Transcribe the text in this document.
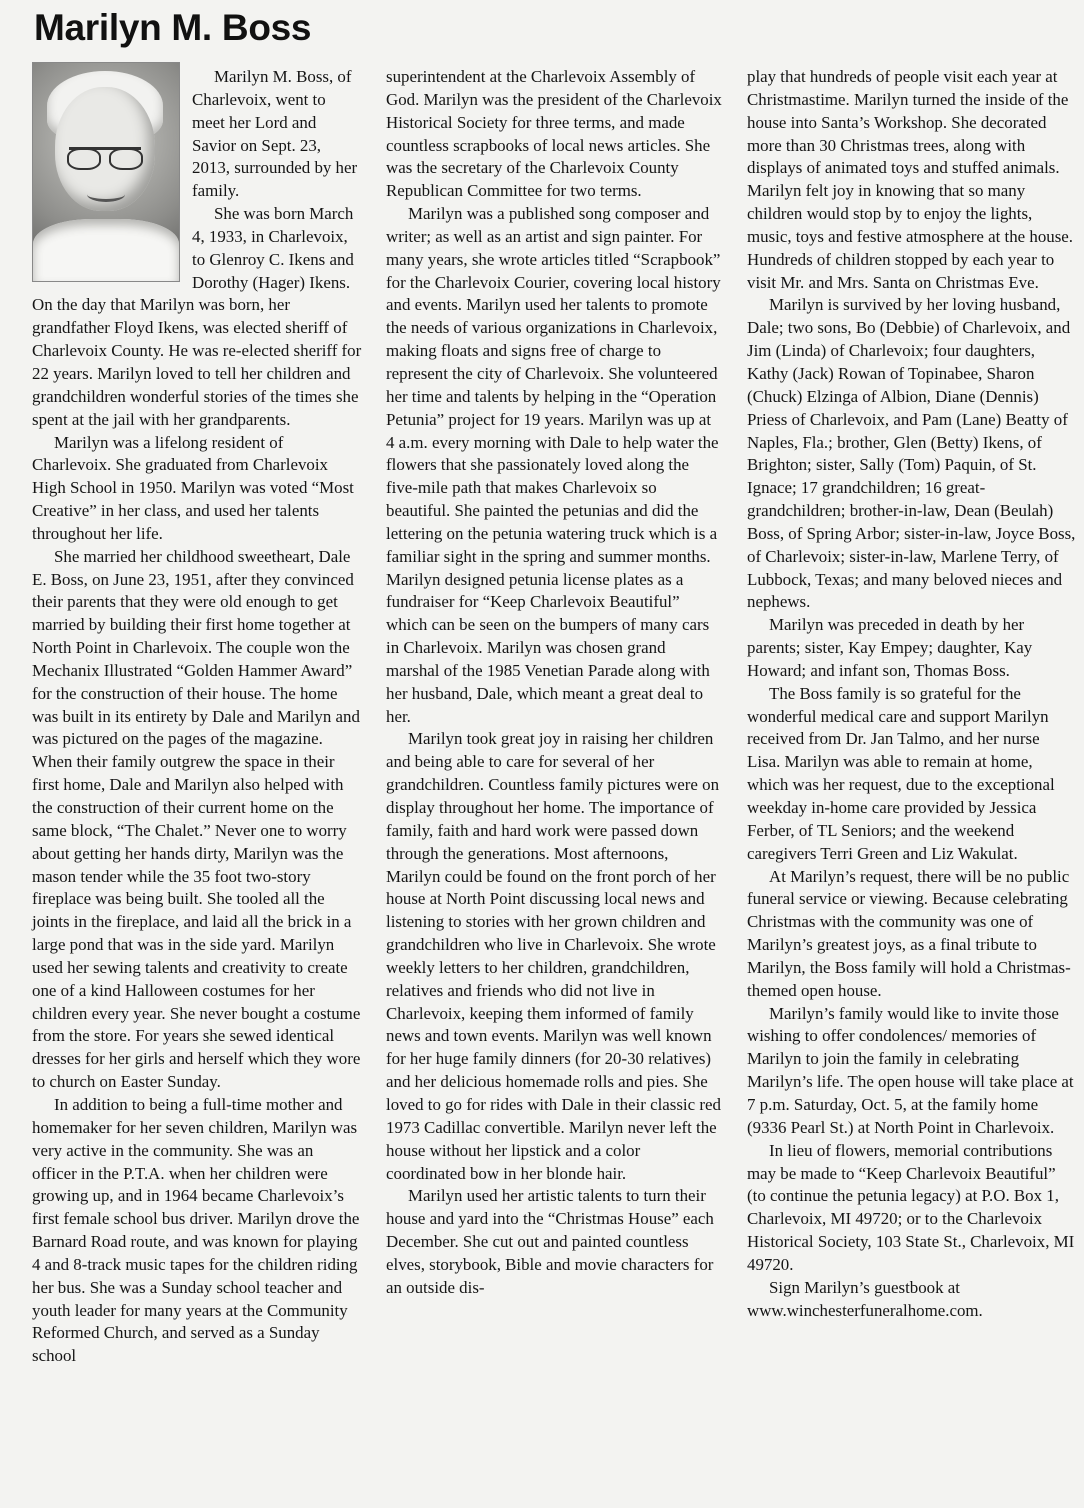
Marilyn M. Boss

Marilyn M. Boss, of Charlevoix, went to meet her Lord and Savior on Sept. 23, 2013, surrounded by her family.

She was born March 4, 1933, in Charlevoix, to Glenroy C. Ikens and Dorothy (Hager) Ikens. On the day that Marilyn was born, her grandfather Floyd Ikens, was elected sheriff of Charlevoix County. He was re-elected sheriff for 22 years. Marilyn loved to tell her children and grandchildren wonderful stories of the times she spent at the jail with her grandparents.

Marilyn was a lifelong resident of Charlevoix. She graduated from Charlevoix High School in 1950. Marilyn was voted “Most Creative” in her class, and used her talents throughout her life.

She married her childhood sweetheart, Dale E. Boss, on June 23, 1951, after they convinced their parents that they were old enough to get married by building their first home together at North Point in Charlevoix. The couple won the Mechanix Illustrated “Golden Hammer Award” for the construction of their house. The home was built in its entirety by Dale and Marilyn and was pictured on the pages of the magazine. When their family outgrew the space in their first home, Dale and Marilyn also helped with the construction of their current home on the same block, “The Chalet.” Never one to worry about getting her hands dirty, Marilyn was the mason tender while the 35 foot two-story fireplace was being built. She tooled all the joints in the fireplace, and laid all the brick in a large pond that was in the side yard. Marilyn used her sewing talents and creativity to create one of a kind Halloween costumes for her children every year. She never bought a costume from the store. For years she sewed identical dresses for her girls and herself which they wore to church on Easter Sunday.

In addition to being a full-time mother and homemaker for her seven children, Marilyn was very active in the community. She was an officer in the P.T.A. when her children were growing up, and in 1964 became Charlevoix’s first female school bus driver. Marilyn drove the Barnard Road route, and was known for playing 4 and 8-track music tapes for the children riding her bus. She was a Sunday school teacher and youth leader for many years at the Community Reformed Church, and served as a Sunday school

superintendent at the Charlevoix Assembly of God. Marilyn was the president of the Charlevoix Historical Society for three terms, and made countless scrapbooks of local news articles. She was the secretary of the Charlevoix County Republican Committee for two terms.

Marilyn was a published song composer and writer; as well as an artist and sign painter. For many years, she wrote articles titled “Scrapbook” for the Charlevoix Courier, covering local history and events. Marilyn used her talents to promote the needs of various organizations in Charlevoix, making floats and signs free of charge to represent the city of Charlevoix. She volunteered her time and talents by helping in the “Operation Petunia” project for 19 years. Marilyn was up at 4 a.m. every morning with Dale to help water the flowers that she passionately loved along the five-mile path that makes Charlevoix so beautiful. She painted the petunias and did the lettering on the petunia watering truck which is a familiar sight in the spring and summer months. Marilyn designed petunia license plates as a fundraiser for “Keep Charlevoix Beautiful” which can be seen on the bumpers of many cars in Charlevoix. Marilyn was chosen grand marshal of the 1985 Venetian Parade along with her husband, Dale, which meant a great deal to her.

Marilyn took great joy in raising her children and being able to care for several of her grandchildren. Countless family pictures were on display throughout her home. The importance of family, faith and hard work were passed down through the generations. Most afternoons, Marilyn could be found on the front porch of her house at North Point discussing local news and listening to stories with her grown children and grandchildren who live in Charlevoix. She wrote weekly letters to her children, grandchildren, relatives and friends who did not live in Charlevoix, keeping them informed of family news and town events. Marilyn was well known for her huge family dinners (for 20-30 relatives) and her delicious homemade rolls and pies. She loved to go for rides with Dale in their classic red 1973 Cadillac convertible. Marilyn never left the house without her lipstick and a color coordinated bow in her blonde hair.

Marilyn used her artistic talents to turn their house and yard into the “Christmas House” each December. She cut out and painted countless elves, storybook, Bible and movie characters for an outside dis-

play that hundreds of people visit each year at Christmastime. Marilyn turned the inside of the house into Santa’s Workshop. She decorated more than 30 Christmas trees, along with displays of animated toys and stuffed animals. Marilyn felt joy in knowing that so many children would stop by to enjoy the lights, music, toys and festive atmosphere at the house. Hundreds of children stopped by each year to visit Mr. and Mrs. Santa on Christmas Eve.

Marilyn is survived by her loving husband, Dale; two sons, Bo (Debbie) of Charlevoix, and Jim (Linda) of Charlevoix; four daughters, Kathy (Jack) Rowan of Topinabee, Sharon (Chuck) Elzinga of Albion, Diane (Dennis) Priess of Charlevoix, and Pam (Lane) Beatty of Naples, Fla.; brother, Glen (Betty) Ikens, of Brighton; sister, Sally (Tom) Paquin, of St. Ignace; 17 grandchildren; 16 great-grandchildren; brother-in-law, Dean (Beulah) Boss, of Spring Arbor; sister-in-law, Joyce Boss, of Charlevoix; sister-in-law, Marlene Terry, of Lubbock, Texas; and many beloved nieces and nephews.

Marilyn was preceded in death by her parents; sister, Kay Empey; daughter, Kay Howard; and infant son, Thomas Boss.

The Boss family is so grateful for the wonderful medical care and support Marilyn received from Dr. Jan Talmo, and her nurse Lisa. Marilyn was able to remain at home, which was her request, due to the exceptional weekday in-home care provided by Jessica Ferber, of TL Seniors; and the weekend caregivers Terri Green and Liz Wakulat.

At Marilyn’s request, there will be no public funeral service or viewing. Because celebrating Christmas with the community was one of Marilyn’s greatest joys, as a final tribute to Marilyn, the Boss family will hold a Christmas-themed open house.

Marilyn’s family would like to invite those wishing to offer condolences/ memories of Marilyn to join the family in celebrating Marilyn’s life. The open house will take place at 7 p.m. Saturday, Oct. 5, at the family home (9336 Pearl St.) at North Point in Charlevoix.

In lieu of flowers, memorial contributions may be made to “Keep Charlevoix Beautiful” (to continue the petunia legacy) at P.O. Box 1, Charlevoix, MI 49720; or to the Charlevoix Historical Society, 103 State St., Charlevoix, MI 49720.

Sign Marilyn’s guestbook at www.winchesterfuneralhome.com.
